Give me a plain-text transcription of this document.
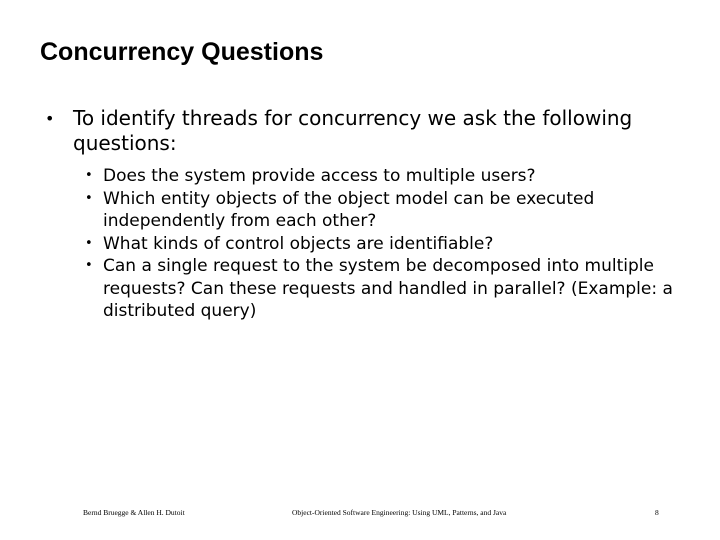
Concurrency Questions
• To identify threads for concurrency we ask the following questions:
• Does the system provide access to multiple users?
• Which entity objects of the object model can be executed independently from each other?
• What kinds of control objects are identifiable?
• Can a single request to the system be decomposed into multiple requests? Can these requests and handled in parallel? (Example: a distributed query)
Bernd Bruegge & Allen H. Dutoit	Object-Oriented Software Engineering: Using UML, Patterns, and Java	8
